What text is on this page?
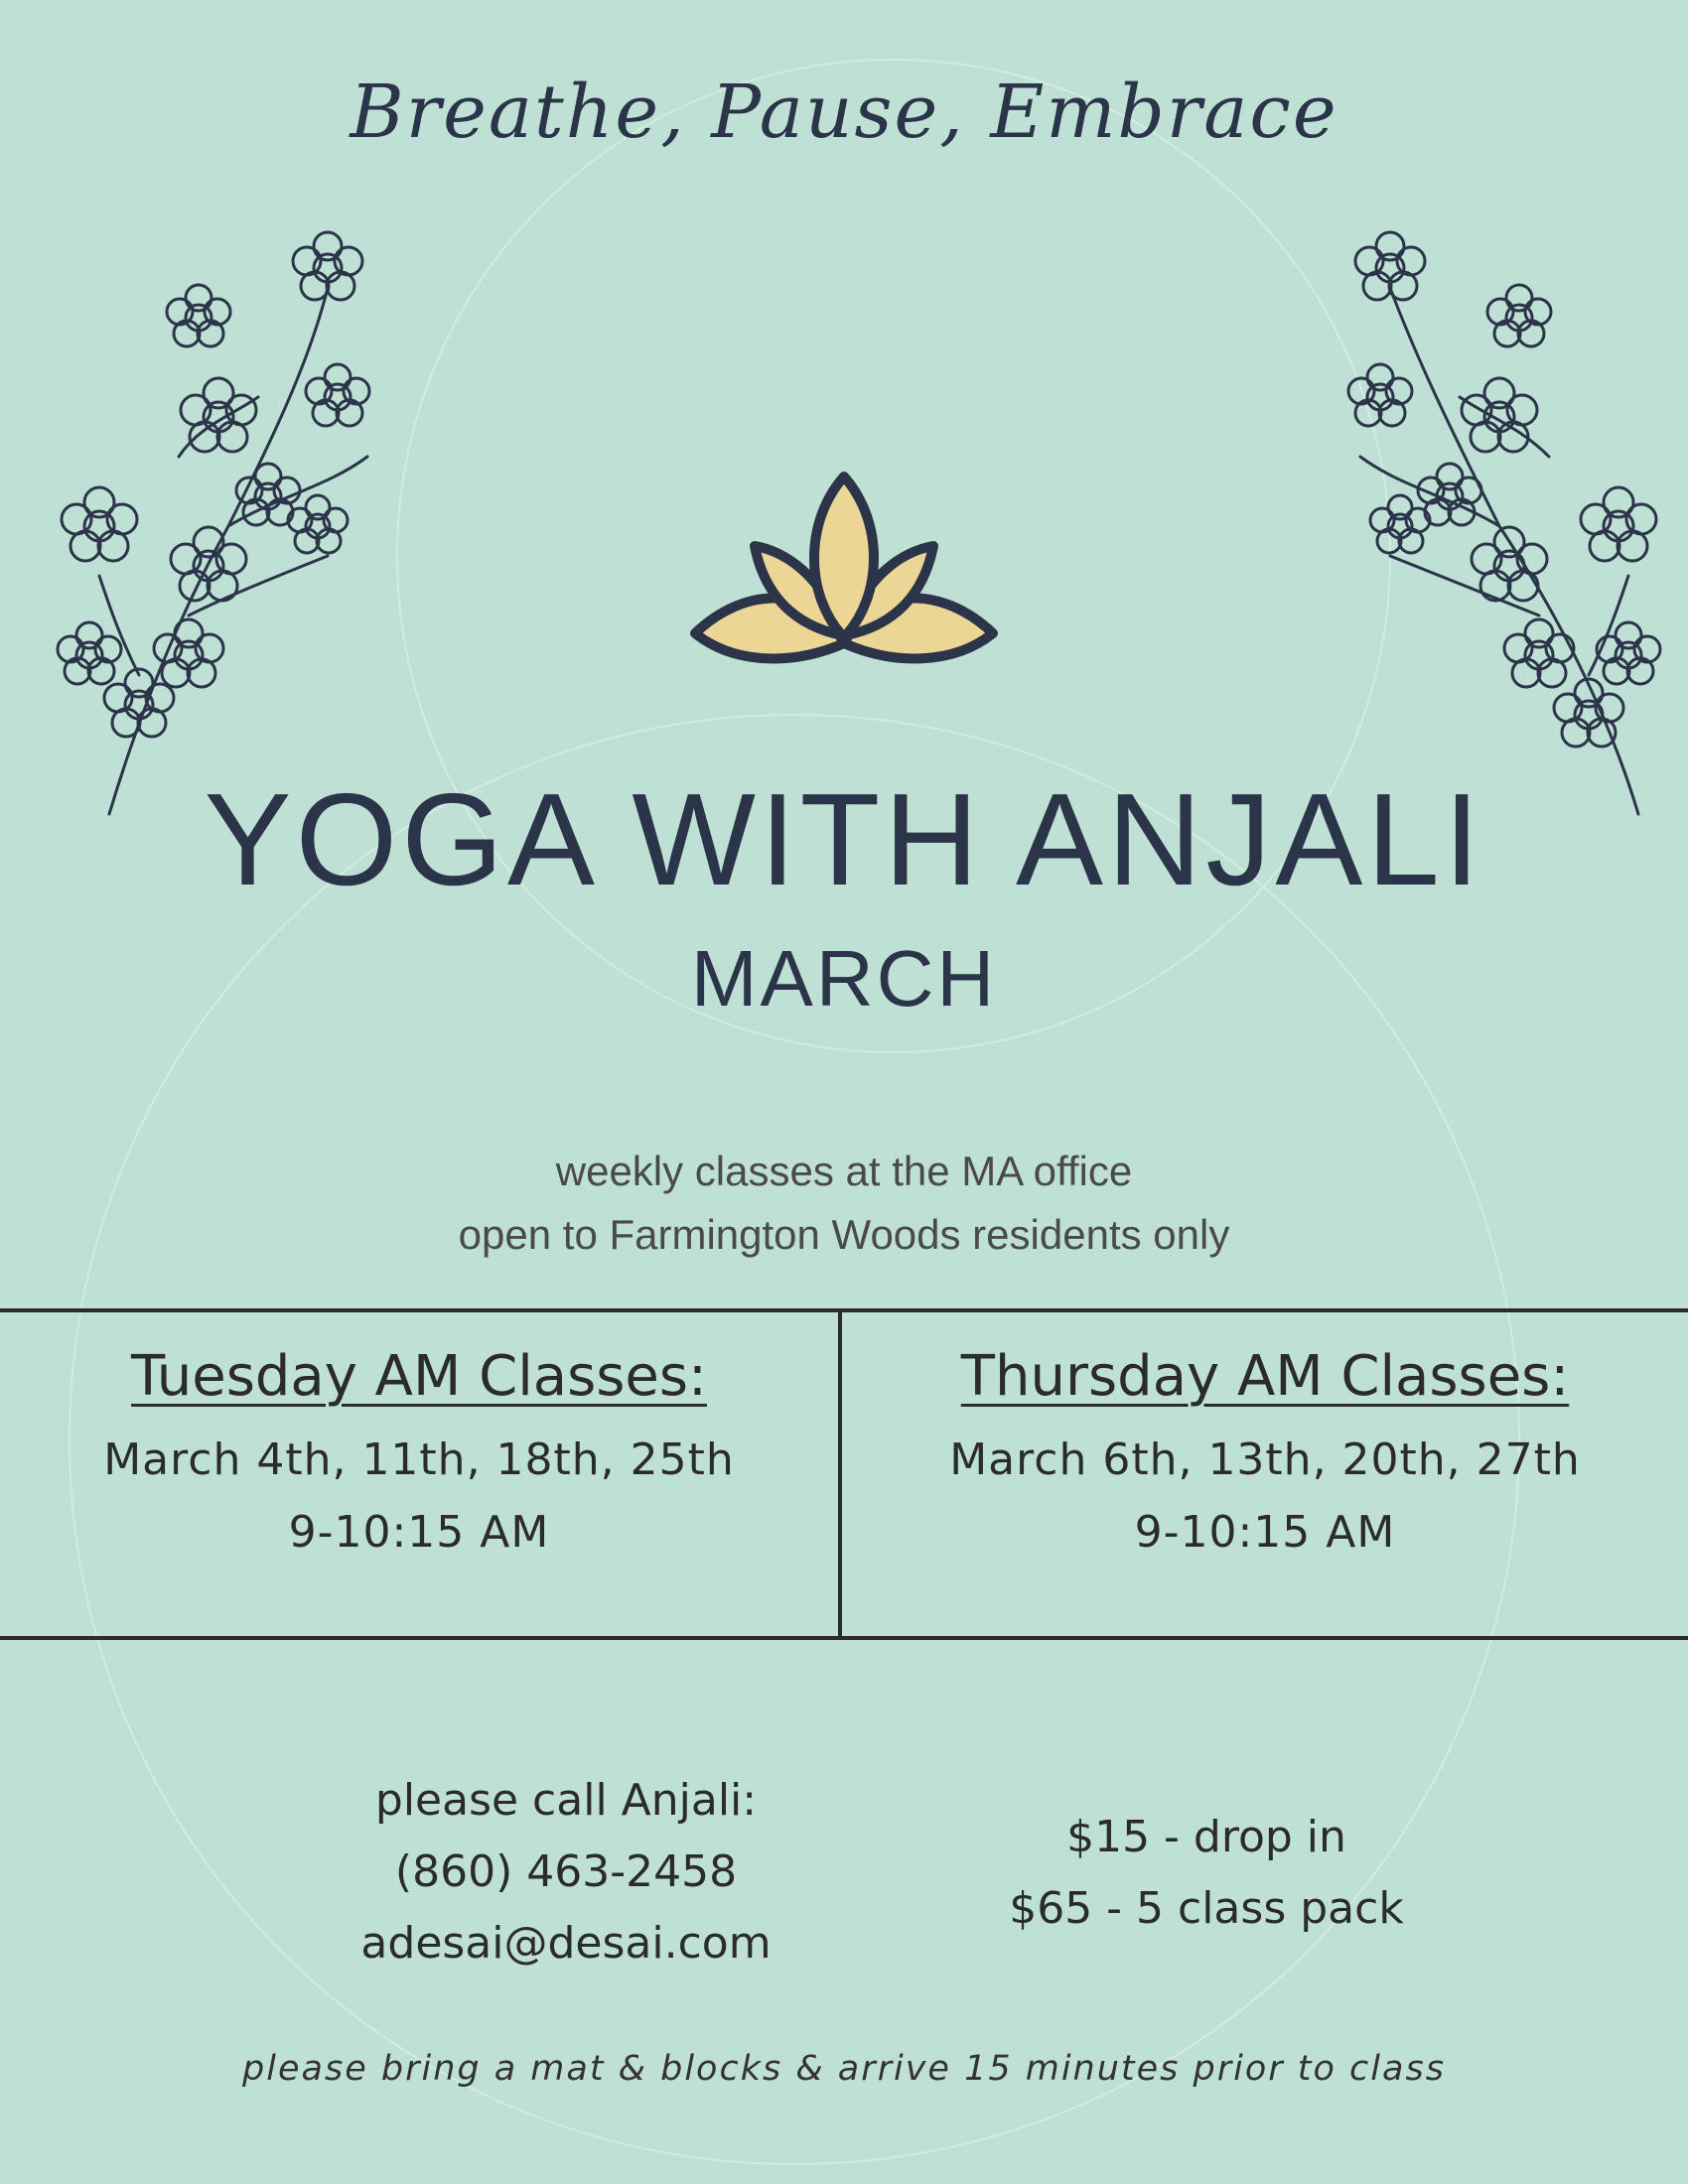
Breathe, Pause, Embrace
YOGA WITH ANJALI
MARCH
weekly classes at the MA office
open to Farmington Woods residents only
Tuesday AM Classes:
March 4th, 11th, 18th, 25th
9-10:15 AM
Thursday AM Classes:
March 6th, 13th, 20th, 27th
9-10:15 AM
please call Anjali:
(860) 463-2458
adesai@desai.com
$15 - drop in
$65 - 5 class pack
please bring a mat & blocks & arrive 15 minutes prior to class
